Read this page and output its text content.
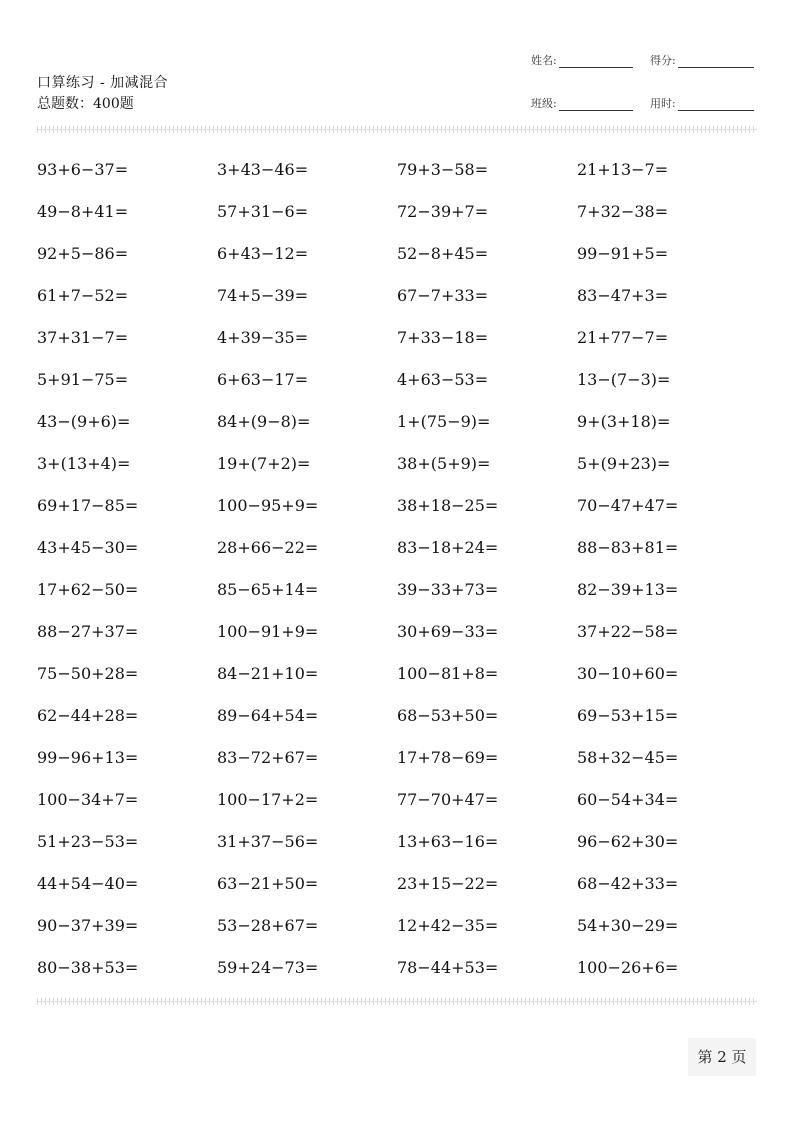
口算练习 - 加减混合
总题数：400题
姓名:	得分:
班级:	用时:
93+6−37=	3+43−46=	79+3−58=	21+13−7=
49−8+41=	57+31−6=	72−39+7=	7+32−38=
92+5−86=	6+43−12=	52−8+45=	99−91+5=
61+7−52=	74+5−39=	67−7+33=	83−47+3=
37+31−7=	4+39−35=	7+33−18=	21+77−7=
5+91−75=	6+63−17=	4+63−53=	13−(7−3)=
43−(9+6)=	84+(9−8)=	1+(75−9)=	9+(3+18)=
3+(13+4)=	19+(7+2)=	38+(5+9)=	5+(9+23)=
69+17−85=	100−95+9=	38+18−25=	70−47+47=
43+45−30=	28+66−22=	83−18+24=	88−83+81=
17+62−50=	85−65+14=	39−33+73=	82−39+13=
88−27+37=	100−91+9=	30+69−33=	37+22−58=
75−50+28=	84−21+10=	100−81+8=	30−10+60=
62−44+28=	89−64+54=	68−53+50=	69−53+15=
99−96+13=	83−72+67=	17+78−69=	58+32−45=
100−34+7=	100−17+2=	77−70+47=	60−54+34=
51+23−53=	31+37−56=	13+63−16=	96−62+30=
44+54−40=	63−21+50=	23+15−22=	68−42+33=
90−37+39=	53−28+67=	12+42−35=	54+30−29=
80−38+53=	59+24−73=	78−44+53=	100−26+6=
第 2 页
